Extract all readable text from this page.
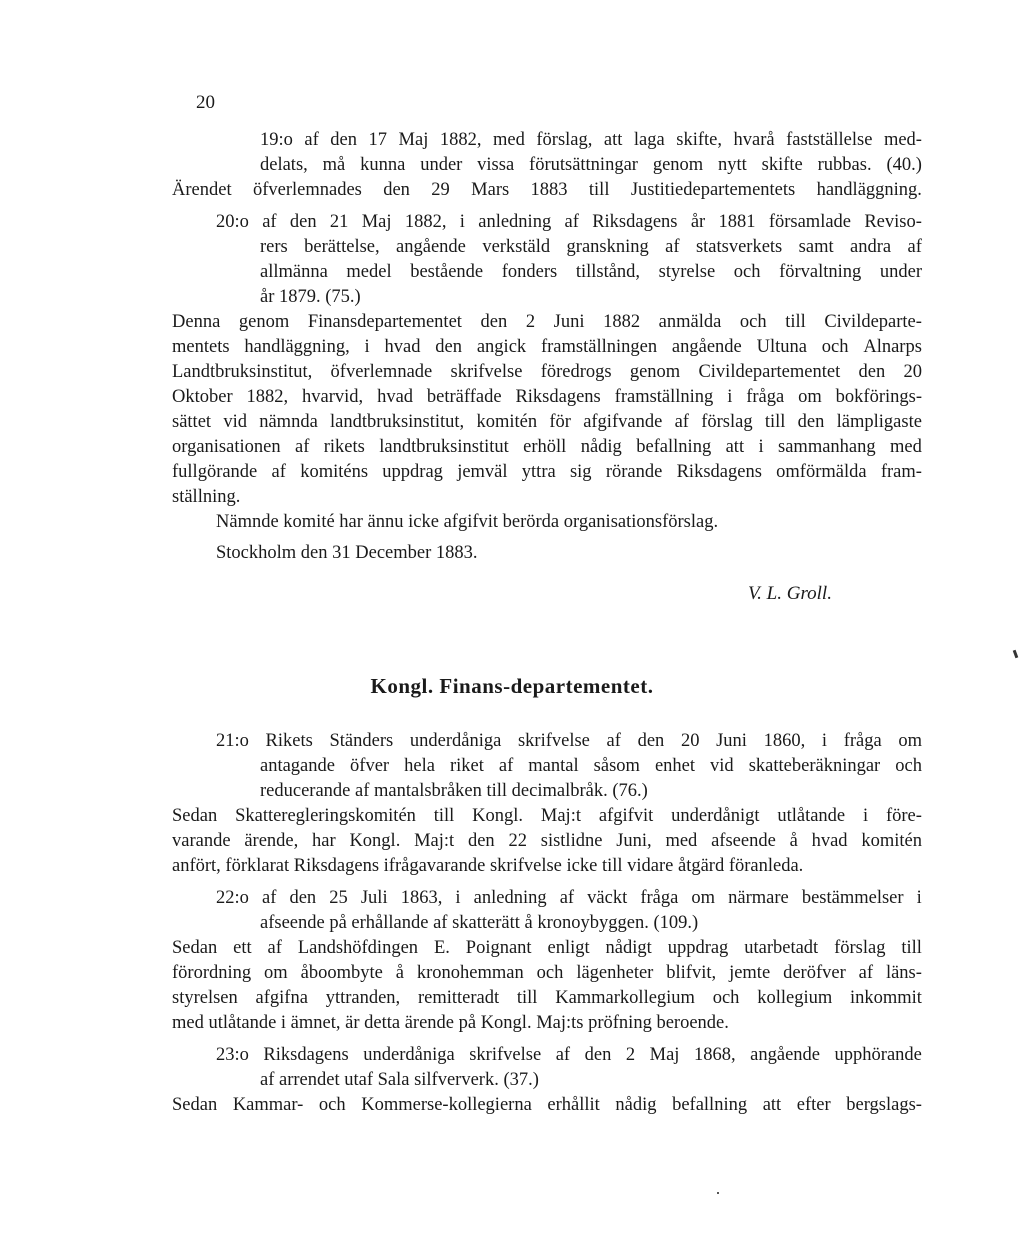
20
19:o af den 17 Maj 1882, med förslag, att laga skifte, hvarå fastställelse med-
delats, må kunna under vissa förutsättningar genom nytt skifte rubbas. (40.)
Ärendet öfverlemnades den 29 Mars 1883 till Justitiedepartementets handläggning.
20:o af den 21 Maj 1882, i anledning af Riksdagens år 1881 församlade Reviso-
rers berättelse, angående verkstäld granskning af statsverkets samt andra af
allmänna medel bestående fonders tillstånd, styrelse och förvaltning under
år 1879. (75.)
Denna genom Finansdepartementet den 2 Juni 1882 anmälda och till Civildeparte-
mentets handläggning, i hvad den angick framställningen angående Ultuna och Alnarps
Landtbruksinstitut, öfverlemnade skrifvelse föredrogs genom Civildepartementet den 20
Oktober 1882, hvarvid, hvad beträffade Riksdagens framställning i fråga om bokförings-
sättet vid nämnda landtbruksinstitut, komitén för afgifvande af förslag till den lämpligaste
organisationen af rikets landtbruksinstitut erhöll nådig befallning att i sammanhang med
fullgörande af komiténs uppdrag jemväl yttra sig rörande Riksdagens omförmälda fram-
ställning.
Nämnde komité har ännu icke afgifvit berörda organisationsförslag.
Stockholm den 31 December 1883.
V. L. Groll.
Kongl. Finans-departementet.
21:o Rikets Ständers underdåniga skrifvelse af den 20 Juni 1860, i fråga om
antagande öfver hela riket af mantal såsom enhet vid skatteberäkningar och
reducerande af mantalsbråken till decimalbråk. (76.)
Sedan Skatteregleringskomitén till Kongl. Maj:t afgifvit underdånigt utlåtande i före-
varande ärende, har Kongl. Maj:t den 22 sistlidne Juni, med afseende å hvad komitén
anfört, förklarat Riksdagens ifrågavarande skrifvelse icke till vidare åtgärd föranleda.
22:o af den 25 Juli 1863, i anledning af väckt fråga om närmare bestämmelser i
afseende på erhållande af skatterätt å kronoybyggen. (109.)
Sedan ett af Landshöfdingen E. Poignant enligt nådigt uppdrag utarbetadt förslag till
förordning om åboombyte å kronohemman och lägenheter blifvit, jemte deröfver af läns-
styrelsen afgifna yttranden, remitteradt till Kammarkollegium och kollegium inkommit
med utlåtande i ämnet, är detta ärende på Kongl. Maj:ts pröfning beroende.
23:o Riksdagens underdåniga skrifvelse af den 2 Maj 1868, angående upphörande
af arrendet utaf Sala silfververk. (37.)
Sedan Kammar- och Kommerse-kollegierna erhållit nådig befallning att efter bergslags-
